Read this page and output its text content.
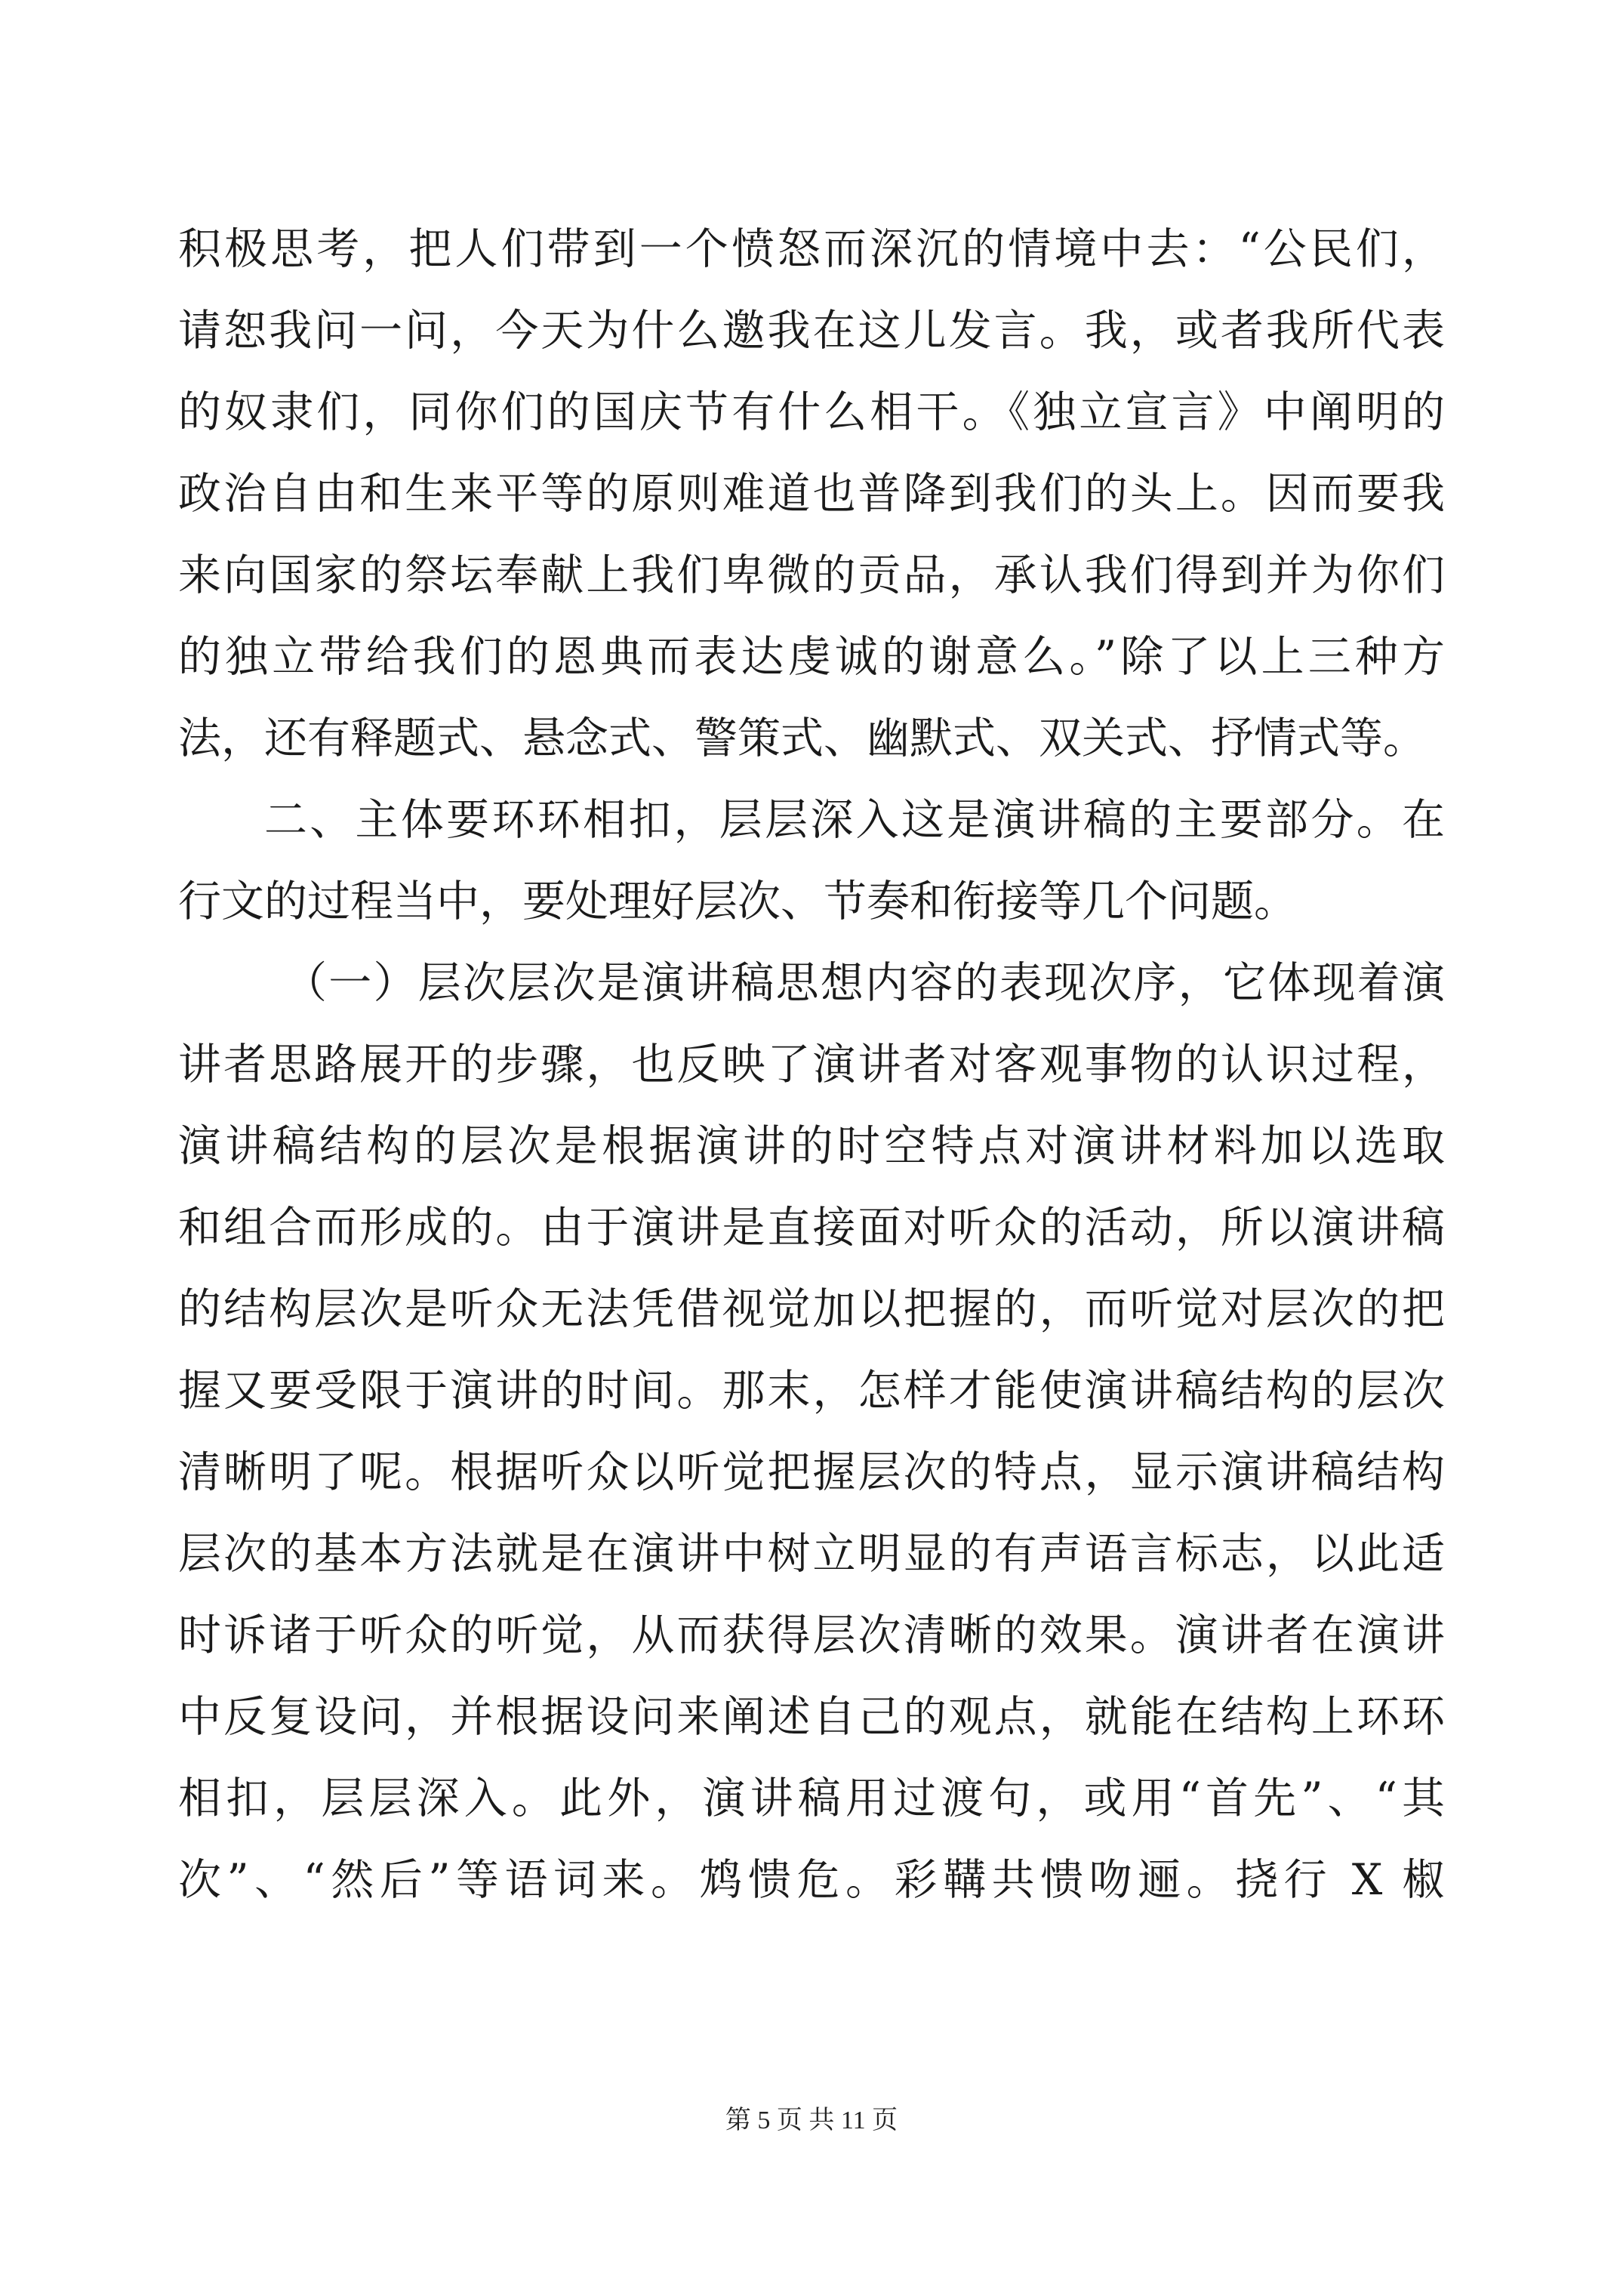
积极思考，把人们带到一个愤怒而深沉的情境中去：“公民们，
请恕我问一问，今天为什么邀我在这儿发言。我，或者我所代表
的奴隶们，同你们的国庆节有什么相干。《独立宣言》中阐明的
政治自由和生来平等的原则难道也普降到我们的头上。因而要我
来向国家的祭坛奉献上我们卑微的贡品，承认我们得到并为你们
的独立带给我们的恩典而表达虔诚的谢意么。”除了以上三种方
法，还有释题式、悬念式、警策式、幽默式、双关式、抒情式等。
二、主体要环环相扣，层层深入这是演讲稿的主要部分。在
行文的过程当中，要处理好层次、节奏和衔接等几个问题。
（一）层次层次是演讲稿思想内容的表现次序，它体现着演
讲者思路展开的步骤，也反映了演讲者对客观事物的认识过程，
演讲稿结构的层次是根据演讲的时空特点对演讲材料加以选取
和组合而形成的。由于演讲是直接面对听众的活动，所以演讲稿
的结构层次是听众无法凭借视觉加以把握的，而听觉对层次的把
握又要受限于演讲的时间。那末，怎样才能使演讲稿结构的层次
清晰明了呢。根据听众以听觉把握层次的特点，显示演讲稿结构
层次的基本方法就是在演讲中树立明显的有声语言标志，以此适
时诉诸于听众的听觉，从而获得层次清晰的效果。演讲者在演讲
中反复设问，并根据设问来阐述自己的观点，就能在结构上环环
相扣，层层深入。此外，演讲稿用过渡句，或用“首先”、“其
次”、“然后”等语词来。鸩愦危。彩鞲共愦吻逦。挠行 X 椒
第 5 页 共 11 页
